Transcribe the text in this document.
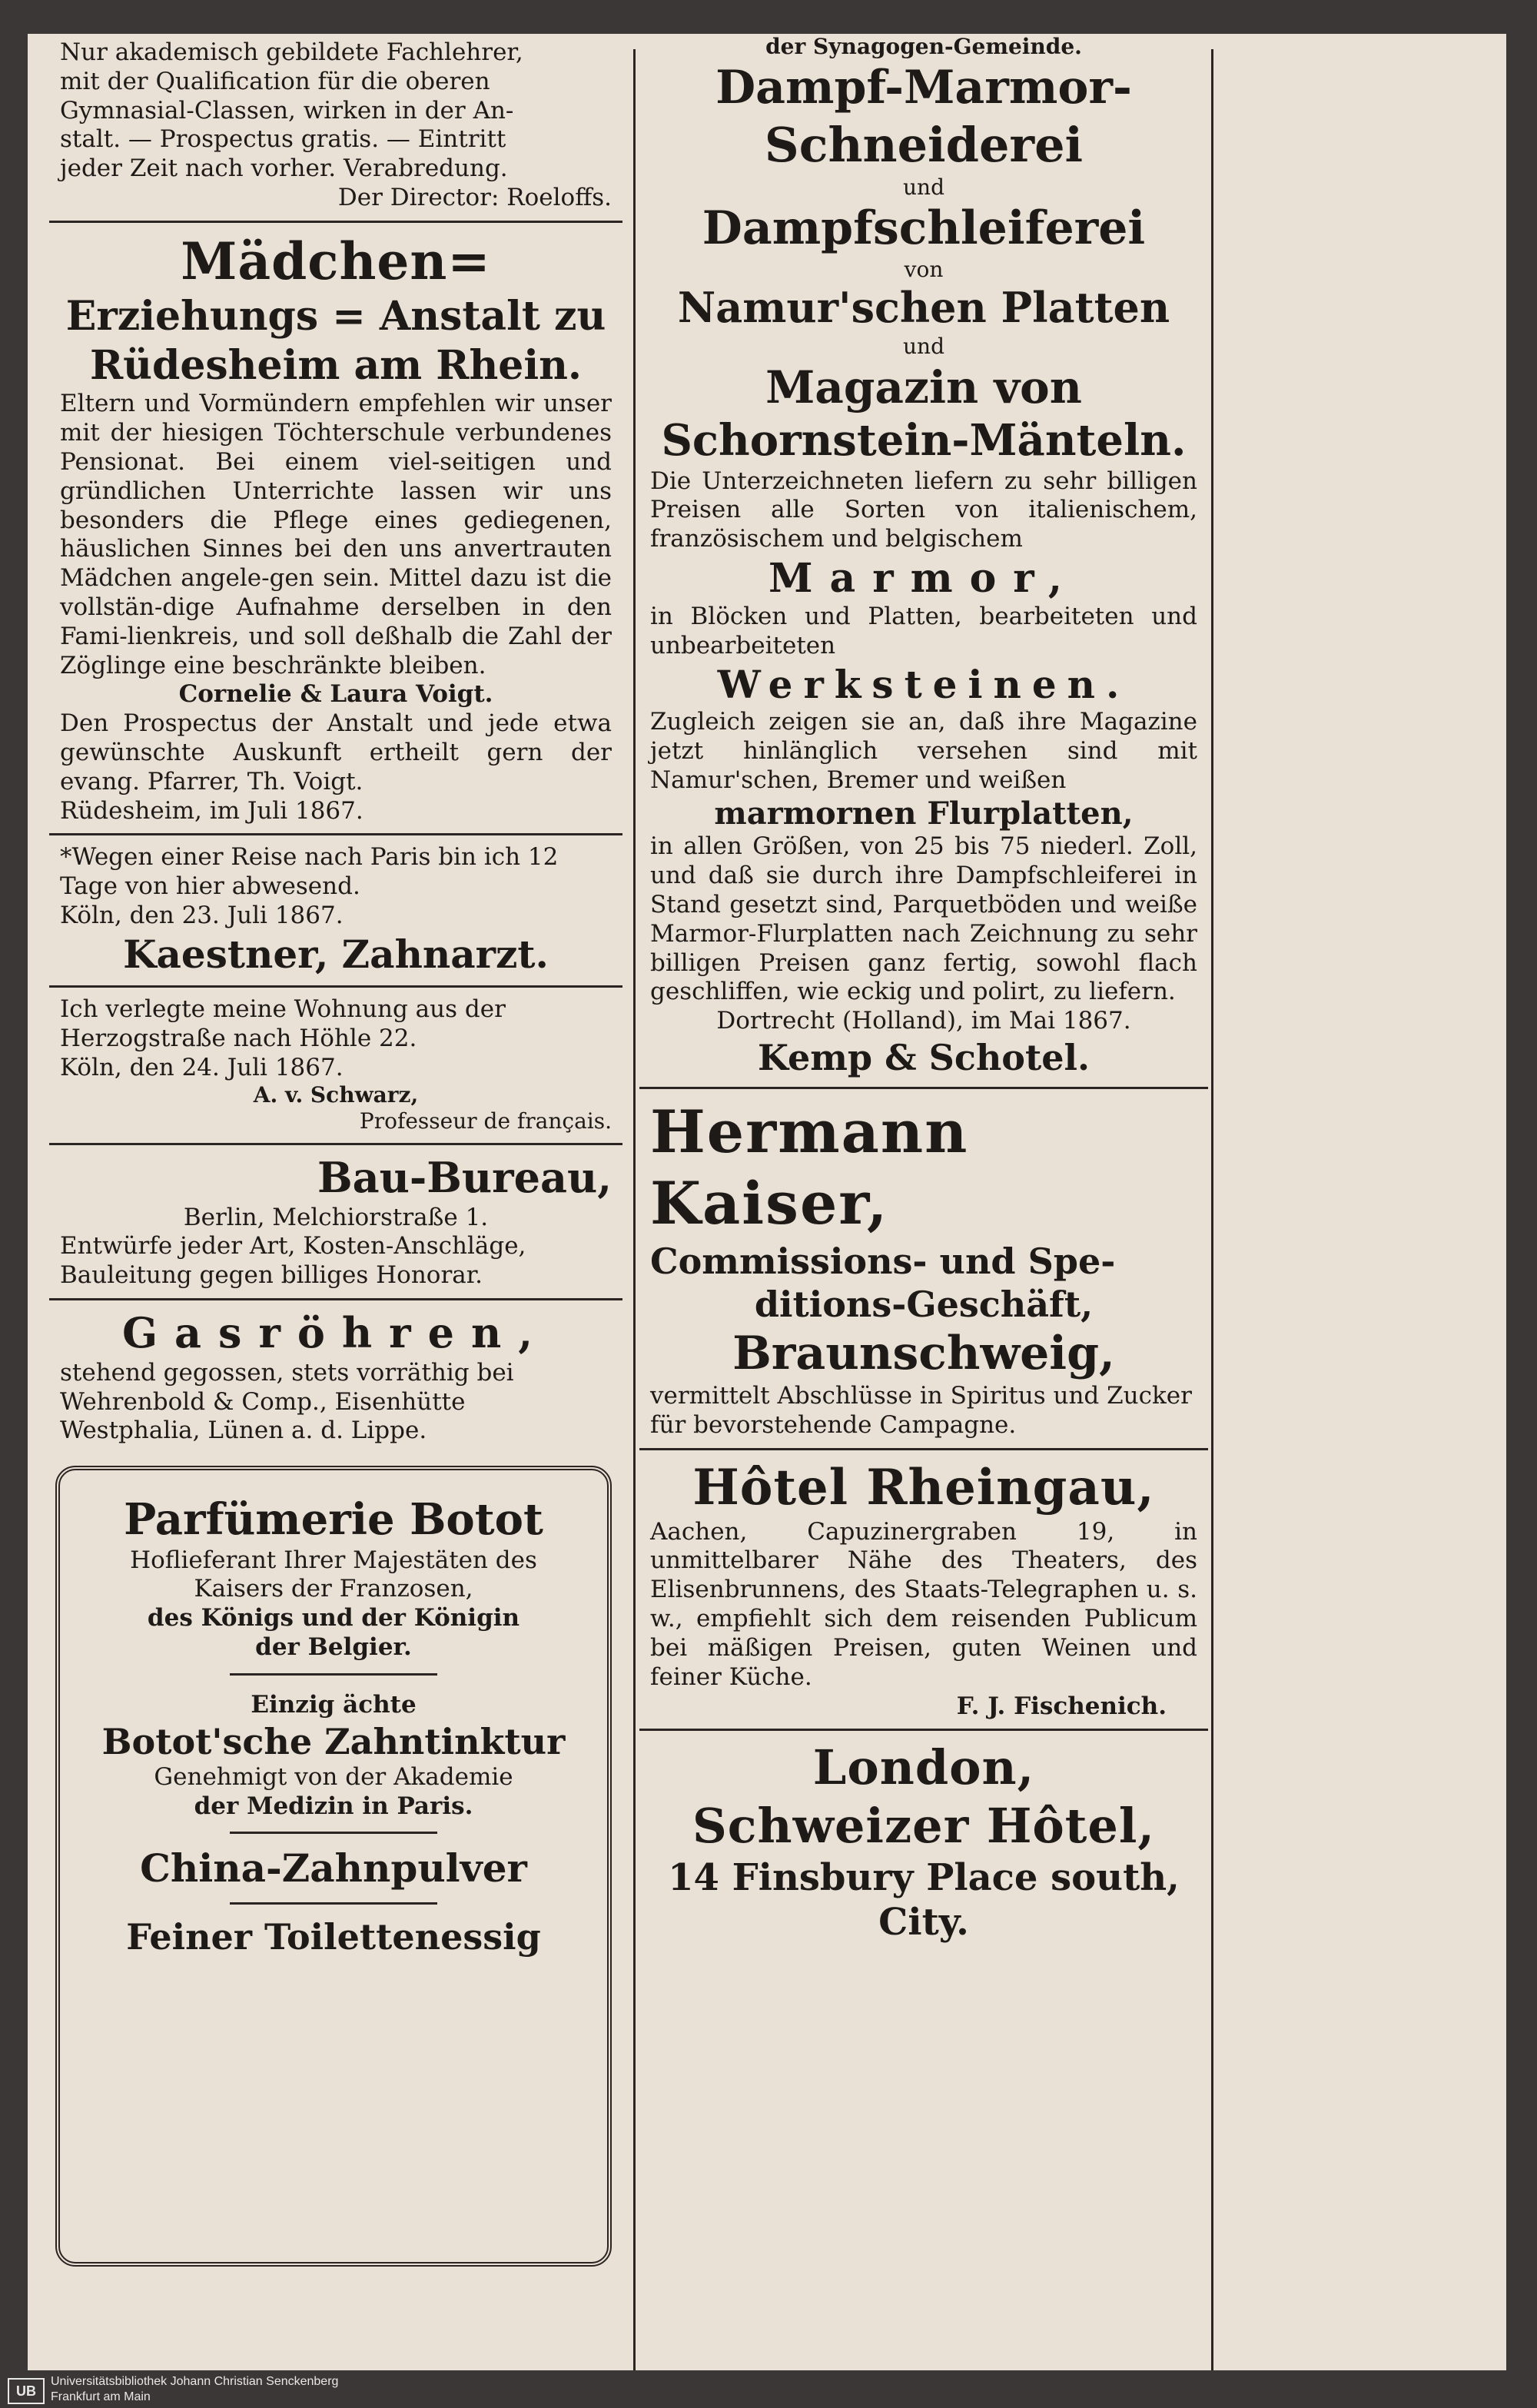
Nur akademisch gebildete Fachlehrer,

mit der Qualification für die oberen

Gymnasial-Classen, wirken in der An-

stalt. — Prospectus gratis. — Eintritt

jeder Zeit nach vorher. Verabredung.

Der Director: Roeloffs.

Mädchen=

Erziehungs = Anstalt zu

Rüdesheim am Rhein.

Eltern und Vormündern empfehlen wir unser mit der hiesigen Töchterschule verbundenes Pensionat. Bei einem viel-seitigen und gründlichen Unterrichte lassen wir uns besonders die Pflege eines gediegenen, häuslichen Sinnes bei den uns anvertrauten Mädchen angele-gen sein. Mittel dazu ist die vollstän-dige Aufnahme derselben in den Fami-lienkreis, und soll deßhalb die Zahl der Zöglinge eine beschränkte bleiben.

Cornelie & Laura Voigt.

Den Prospectus der Anstalt und jede etwa gewünschte Auskunft ertheilt gern der evang. Pfarrer, Th. Voigt.

Rüdesheim, im Juli 1867.

*Wegen einer Reise nach Paris bin ich 12 Tage von hier abwesend.

Köln, den 23. Juli 1867.

Kaestner, Zahnarzt.

Ich verlegte meine Wohnung aus der Herzogstraße nach Höhle 22.

Köln, den 24. Juli 1867.

A. v. Schwarz,

Professeur de français.

Bau-Bureau,

Berlin, Melchiorstraße 1.

Entwürfe jeder Art, Kosten-Anschläge, Bauleitung gegen billiges Honorar.

Gasröhren,

stehend gegossen, stets vorräthig bei Wehrenbold & Comp., Eisenhütte Westphalia, Lünen a. d. Lippe.

Parfümerie Botot

Hoflieferant Ihrer Majestäten des

Kaisers der Franzosen,

des Königs und der Königin

der Belgier.

Einzig ächte

Botot'sche Zahntinktur

Genehmigt von der Akademie

der Medizin in Paris.

China-Zahnpulver

Feiner Toilettenessig

der Synagogen-Gemeinde.

Dampf-Marmor-

Schneiderei

und

Dampfschleiferei

von

Namur'schen Platten

und

Magazin von

Schornstein-Mänteln.

Die Unterzeichneten liefern zu sehr billigen Preisen alle Sorten von italienischem, französischem und belgischem

Marmor,

in Blöcken und Platten, bearbeiteten und unbearbeiteten

Werksteinen.

Zugleich zeigen sie an, daß ihre Magazine jetzt hinlänglich versehen sind mit Namur'schen, Bremer und weißen

marmornen Flurplatten,

in allen Größen, von 25 bis 75 niederl. Zoll, und daß sie durch ihre Dampfschleiferei in Stand gesetzt sind, Parquetböden und weiße Marmor-Flurplatten nach Zeichnung zu sehr billigen Preisen ganz fertig, sowohl flach geschliffen, wie eckig und polirt, zu liefern.

Dortrecht (Holland), im Mai 1867.

Kemp & Schotel.

Hermann Kaiser,

Commissions- und Spe-

ditions-Geschäft,

Braunschweig,

vermittelt Abschlüsse in Spiritus und Zucker für bevorstehende Campagne.

Hôtel Rheingau,

Aachen, Capuzinergraben 19, in unmittelbarer Nähe des Theaters, des Elisenbrunnens, des Staats-Telegraphen u. s. w., empfiehlt sich dem reisenden Publicum bei mäßigen Preisen, guten Weinen und feiner Küche.

F. J. Fischenich.

London,

Schweizer Hôtel,

14 Finsbury Place south,

City.

UB
Universitätsbibliothek Johann Christian Senckenberg
Frankfurt am Main
